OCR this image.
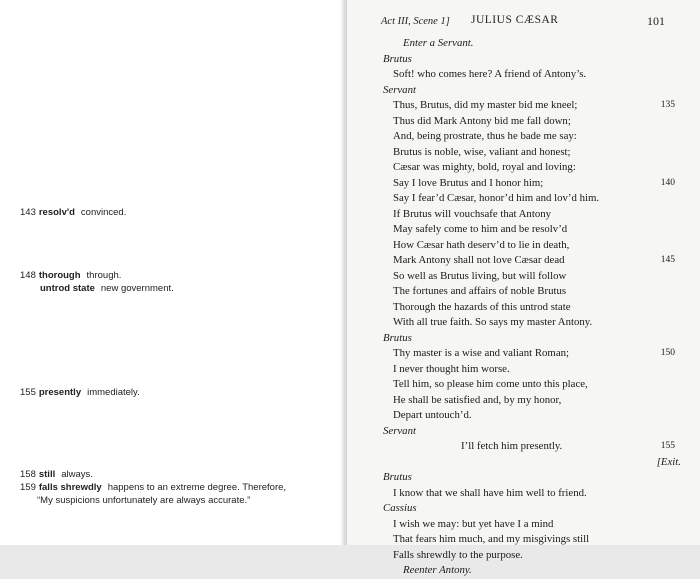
143 resolv'd convinced.
148 thorough through.
untrod state new government.
155 presently immediately.
158 still always.
159 falls shrewdly happens to an extreme degree. Therefore,
“My suspicions unfortunately are always accurate.”
Act III, Scene 1] JULIUS CÆSAR	101
Enter a Servant.
Brutus
Soft! who comes here? A friend of Antony’s.
Servant
Thus, Brutus, did my master bid me kneel;	135
Thus did Mark Antony bid me fall down;
And, being prostrate, thus he bade me say:
Brutus is noble, wise, valiant and honest;
Cæsar was mighty, bold, royal and loving:
Say I love Brutus and I honor him;	140
Say I fear’d Cæsar, honor’d him and lov’d him.
If Brutus will vouchsafe that Antony
May safely come to him and be resolv’d
How Cæsar hath deserv’d to lie in death,
Mark Antony shall not love Cæsar dead	145
So well as Brutus living, but will follow
The fortunes and affairs of noble Brutus
Thorough the hazards of this untrod state
With all true faith. So says my master Antony.
Brutus
Thy master is a wise and valiant Roman;	150
I never thought him worse.
Tell him, so please him come unto this place,
He shall be satisfied and, by my honor,
Depart untouch’d.
Servant
I’ll fetch him presently.	155
[Exit.
Brutus
I know that we shall have him well to friend.
Cassius
I wish we may: but yet have I a mind
That fears him much, and my misgivings still
Falls shrewdly to the purpose.
Reenter Antony.
